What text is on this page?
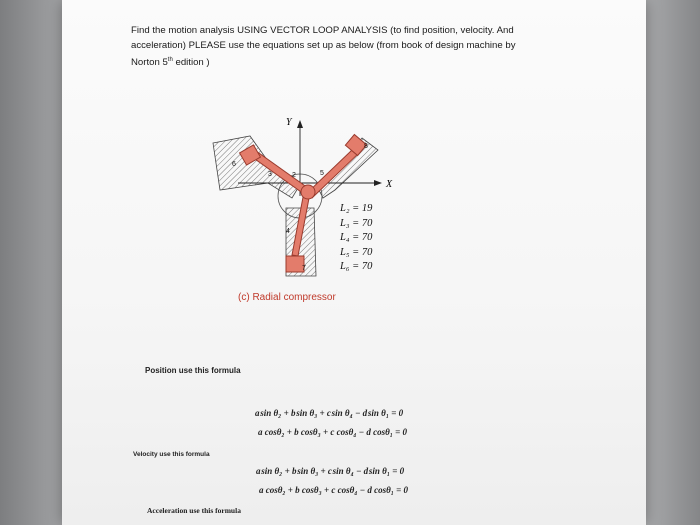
Find the motion analysis USING VECTOR LOOP ANALYSIS (to find position, velocity. And
acceleration) PLEASE use the equations set up as below (from book of design machine by
Norton 5th edition )
Y
X
6
3	2	5
8
4
7
L₂ = 19
L₃ = 70
L₄ = 70
L₅ = 70
L₆ = 70
(c) Radial compressor
Position use this formula
a sin θ₂ + b sin θ₃ + c sin θ₄ − d sin θ₁ = 0
a cosθ₂ + b cosθ₃ + c cosθ₄ − d cosθ₁ = 0
Velocity use this formula
a sin θ₂ + b sin θ₃ + c sin θ₄ − d sin θ₁ = 0
a cosθ₂ + b cosθ₃ + c cosθ₄ − d cosθ₁ = 0
Acceleration use this formula
